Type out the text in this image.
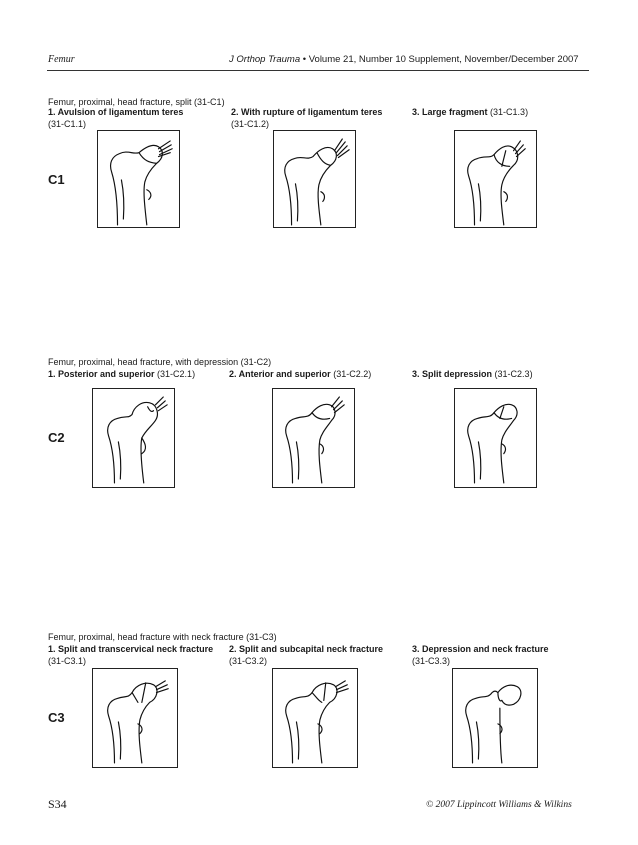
Femur	J Orthop Trauma • Volume 21, Number 10 Supplement, November/December 2007
Femur, proximal, head fracture, split (31-C1)
1. Avulsion of ligamentum teres
(31-C1.1)
2. With rupture of ligamentum teres
(31-C1.2)
3. Large fragment (31-C1.3)
C1
Femur, proximal, head fracture, with depression (31-C2)
1. Posterior and superior (31-C2.1)	2. Anterior and superior (31-C2.2)	3. Split depression (31-C2.3)
C2
Femur, proximal, head fracture with neck fracture (31-C3)
1. Split and transcervical neck fracture
(31-C3.1)
2. Split and subcapital neck fracture
(31-C3.2)
3. Depression and neck fracture
(31-C3.3)
C3
S34	© 2007 Lippincott Williams & Wilkins
